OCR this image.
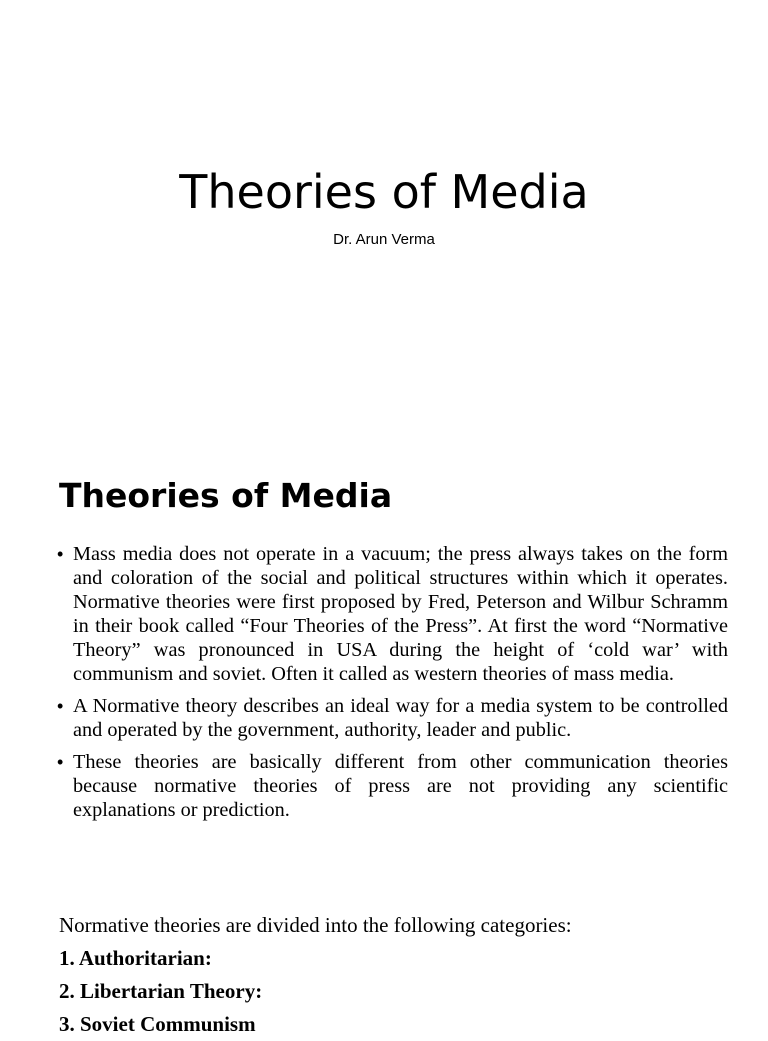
Theories of Media
Dr. Arun Verma
Theories of Media
• Mass media does not operate in a vacuum; the press always takes on the form and coloration of the social and political structures within which it operates. Normative theories were first proposed by Fred, Peterson and Wilbur Schramm in their book called “Four Theories of the Press”. At first the word “Normative Theory” was pronounced in USA during the height of ‘cold war’ with communism and soviet. Often it called as western theories of mass media.
• A Normative theory describes an ideal way for a media system to be controlled and operated by the government, authority, leader and public.
• These theories are basically different from other communication theories because normative theories of press are not providing any scientific explanations or prediction.
Normative theories are divided into the following categories:
1. Authoritarian:
2. Libertarian Theory:
3. Soviet Communism
